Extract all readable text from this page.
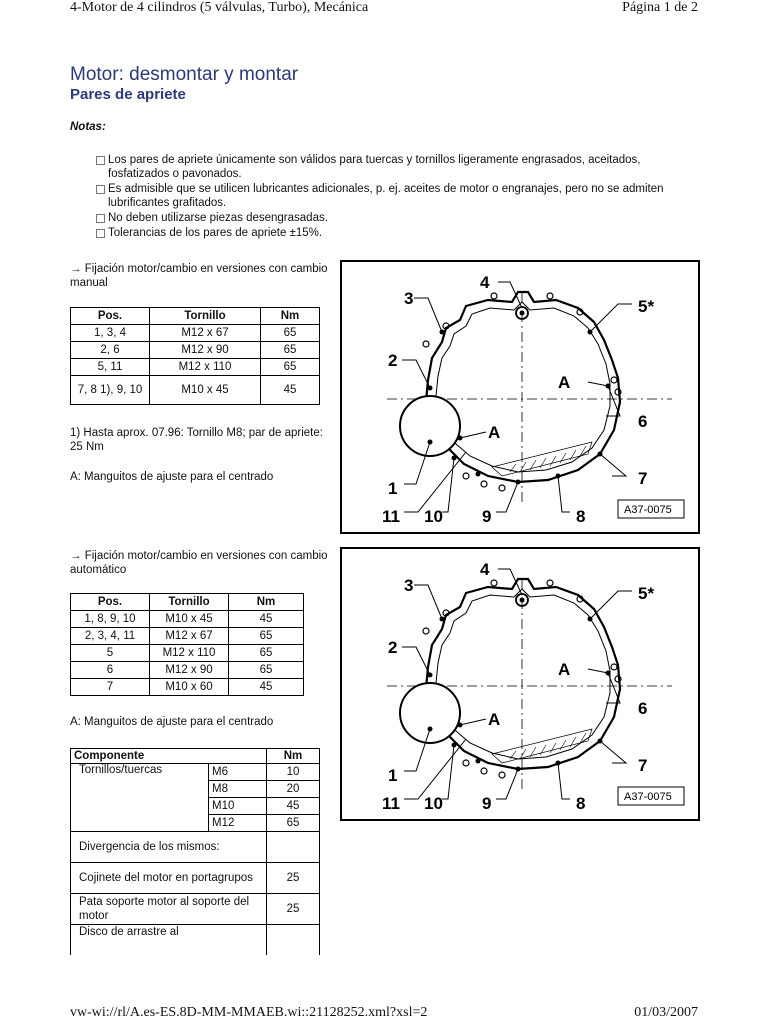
4-Motor de 4 cilindros (5 válvulas, Turbo), Mecánica	Página 1 de 2
Motor: desmontar y montar
Pares de apriete
Notas:
Los pares de apriete únicamente son válidos para tuercas y tornillos ligeramente engrasados, aceitados, fosfatizados o pavonados.
Es admisible que se utilicen lubricantes adicionales, p. ej. aceites de motor o engranajes, pero no se admiten lubrificantes grafitados.
No deben utilizarse piezas desengrasadas.
Tolerancias de los pares de apriete ±15%.
→ Fijación motor/cambio en versiones con cambio manual
Pos.	Tornillo	Nm
1, 3, 4	M12 x 67	65
2, 6	M12 x 90	65
5, 11	M12 x 110	65
7, 8 1), 9, 10	M10 x 45	45
1) Hasta aprox. 07.96: Tornillo M8; par de apriete: 25 Nm
A: Manguitos de ajuste para el centrado
→ Fijación motor/cambio en versiones con cambio automático
Pos.	Tornillo	Nm
1, 8, 9, 10	M10 x 45	45
2, 3, 4, 11	M12 x 67	65
5	M12 x 110	65
6	M12 x 90	65
7	M10 x 60	45
A: Manguitos de ajuste para el centrado
Componente		Nm
Tornillos/tuercas	M6	10
	M8	20
	M10	45
	M12	65
Divergencia de los mismos:		
Cojinete del motor en portagrupos		25
Pata soporte motor al soporte del motor		25
Disco de arrastre al		
3
4
5*
2
A
6
A
7
1
11 10 9	8	A37-0075
3
4
5*
2
A
6
A
7
1
11 10 9	8	A37-0075
vw-wi://rl/A.es-ES.8D-MM-MMAEB.wi::21128252.xml?xsl=2	01/03/2007
